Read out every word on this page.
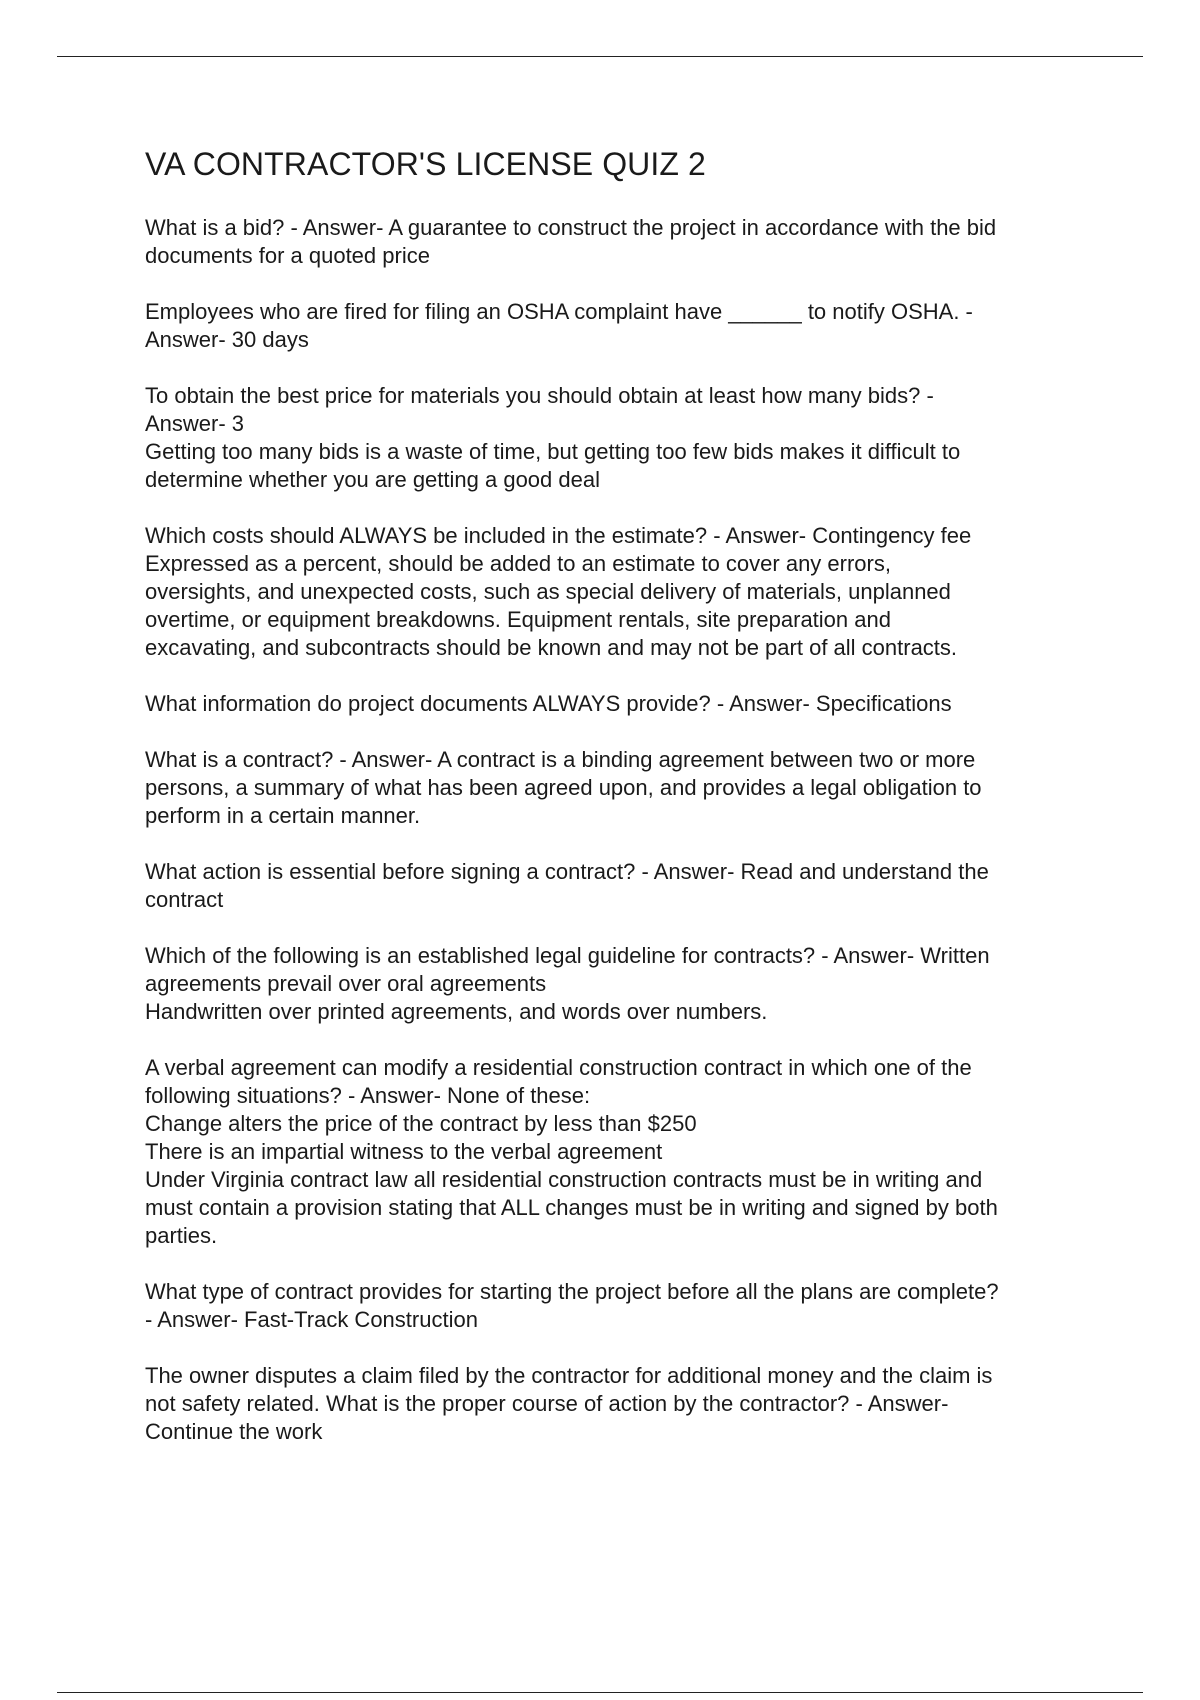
VA CONTRACTOR'S LICENSE QUIZ 2
What is a bid? - Answer- A guarantee to construct the project in accordance with the bid
documents for a quoted price
Employees who are fired for filing an OSHA complaint have ______ to notify OSHA. -
Answer- 30 days
To obtain the best price for materials you should obtain at least how many bids? -
Answer- 3
Getting too many bids is a waste of time, but getting too few bids makes it difficult to
determine whether you are getting a good deal
Which costs should ALWAYS be included in the estimate? - Answer- Contingency fee
Expressed as a percent, should be added to an estimate to cover any errors,
oversights, and unexpected costs, such as special delivery of materials, unplanned
overtime, or equipment breakdowns. Equipment rentals, site preparation and
excavating, and subcontracts should be known and may not be part of all contracts.
What information do project documents ALWAYS provide? - Answer- Specifications
What is a contract? - Answer- A contract is a binding agreement between two or more
persons, a summary of what has been agreed upon, and provides a legal obligation to
perform in a certain manner.
What action is essential before signing a contract? - Answer- Read and understand the
contract
Which of the following is an established legal guideline for contracts? - Answer- Written
agreements prevail over oral agreements
Handwritten over printed agreements, and words over numbers.
A verbal agreement can modify a residential construction contract in which one of the
following situations? - Answer- None of these:
Change alters the price of the contract by less than $250
There is an impartial witness to the verbal agreement
Under Virginia contract law all residential construction contracts must be in writing and
must contain a provision stating that ALL changes must be in writing and signed by both
parties.
What type of contract provides for starting the project before all the plans are complete?
- Answer- Fast-Track Construction
The owner disputes a claim filed by the contractor for additional money and the claim is
not safety related. What is the proper course of action by the contractor? - Answer-
Continue the work
